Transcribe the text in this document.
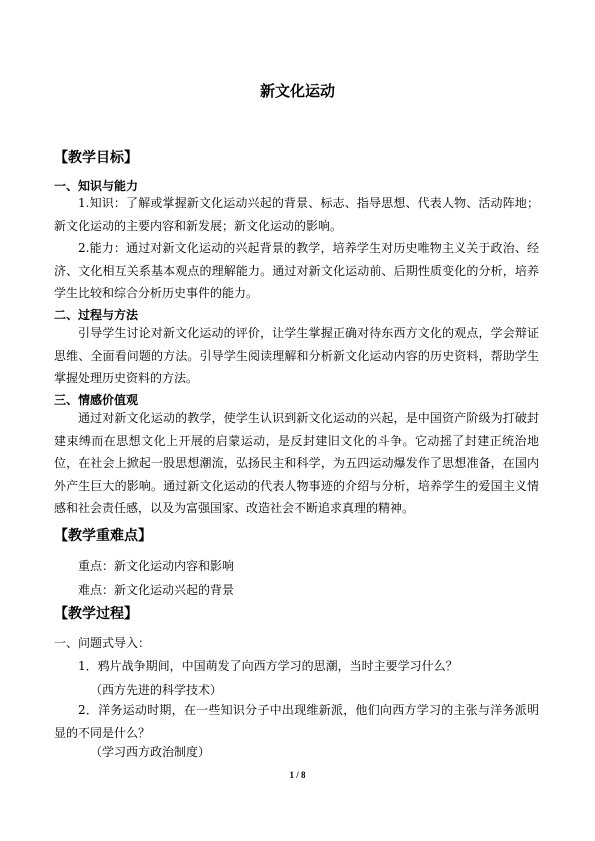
新文化运动
【教学目标】
一、知识与能力

1.知识：了解或掌握新文化运动兴起的背景、标志、指导思想、代表人物、活动阵地；新文化运动的主要内容和新发展；新文化运动的影响。

2.能力：通过对新文化运动的兴起背景的教学，培养学生对历史唯物主义关于政治、经济、文化相互关系基本观点的理解能力。通过对新文化运动前、后期性质变化的分析，培养学生比较和综合分析历史事件的能力。

二、过程与方法

引导学生讨论对新文化运动的评价，让学生掌握正确对待东西方文化的观点，学会辩证思维、全面看问题的方法。引导学生阅读理解和分析新文化运动内容的历史资料，帮助学生掌握处理历史资料的方法。

三、情感价值观

通过对新文化运动的教学，使学生认识到新文化运动的兴起，是中国资产阶级为打破封建束缚而在思想文化上开展的启蒙运动，是反封建旧文化的斗争。它动摇了封建正统治地位，在社会上掀起一股思想潮流，弘扬民主和科学，为五四运动爆发作了思想准备，在国内外产生巨大的影响。通过新文化运动的代表人物事迹的介绍与分析，培养学生的爱国主义情感和社会责任感，以及为富强国家、改造社会不断追求真理的精神。

【教学重难点】
重点：新文化运动内容和影响
难点：新文化运动兴起的背景
【教学过程】
一、问题式导入：
1．鸦片战争期间，中国萌发了向西方学习的思潮，当时主要学习什么？
（西方先进的科学技术）

2．洋务运动时期，在一些知识分子中出现维新派，他们向西方学习的主张与洋务派明显的不同是什么？

（学习西方政治制度）
1 / 8
